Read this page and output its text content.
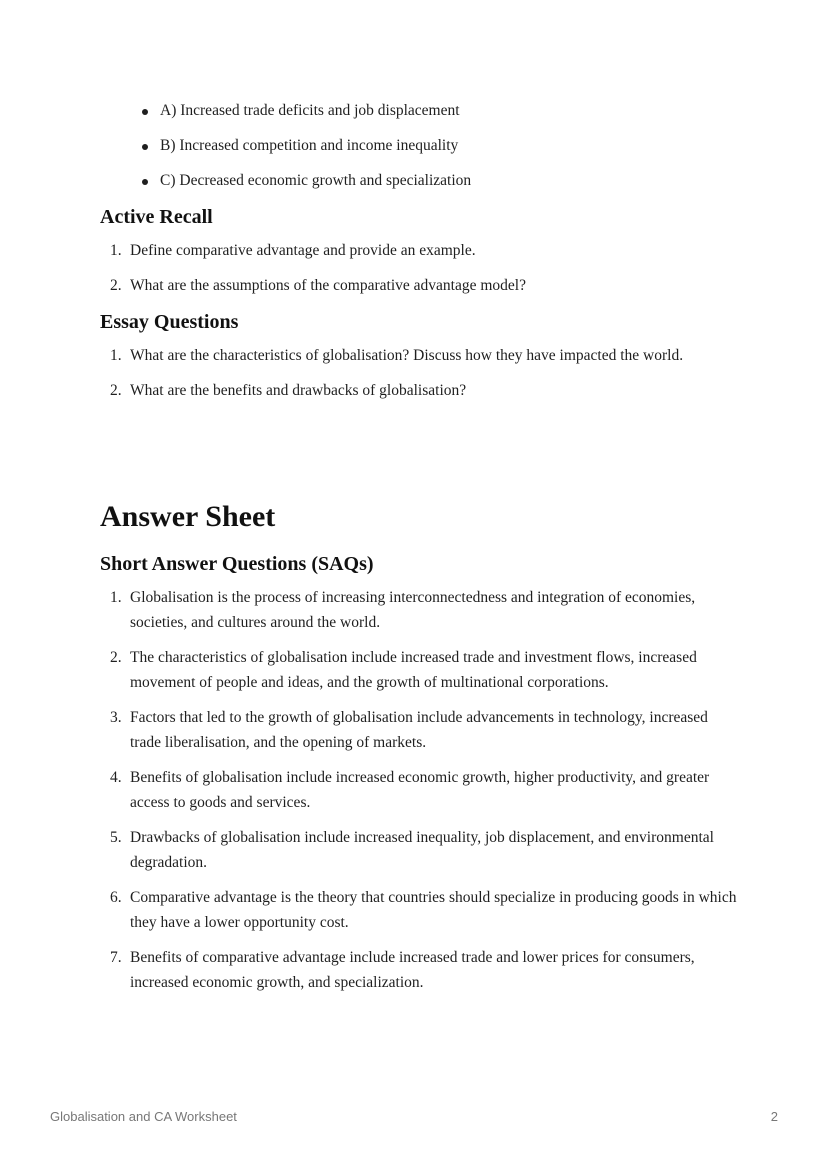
A) Increased trade deficits and job displacement
B) Increased competition and income inequality
C) Decreased economic growth and specialization
Active Recall
1. Define comparative advantage and provide an example.
2. What are the assumptions of the comparative advantage model?
Essay Questions
1. What are the characteristics of globalisation? Discuss how they have impacted the world.
2. What are the benefits and drawbacks of globalisation?
Answer Sheet
Short Answer Questions (SAQs)
1. Globalisation is the process of increasing interconnectedness and integration of economies, societies, and cultures around the world.
2. The characteristics of globalisation include increased trade and investment flows, increased movement of people and ideas, and the growth of multinational corporations.
3. Factors that led to the growth of globalisation include advancements in technology, increased trade liberalisation, and the opening of markets.
4. Benefits of globalisation include increased economic growth, higher productivity, and greater access to goods and services.
5. Drawbacks of globalisation include increased inequality, job displacement, and environmental degradation.
6. Comparative advantage is the theory that countries should specialize in producing goods in which they have a lower opportunity cost.
7. Benefits of comparative advantage include increased trade and lower prices for consumers, increased economic growth, and specialization.
Globalisation and CA Worksheet	2
